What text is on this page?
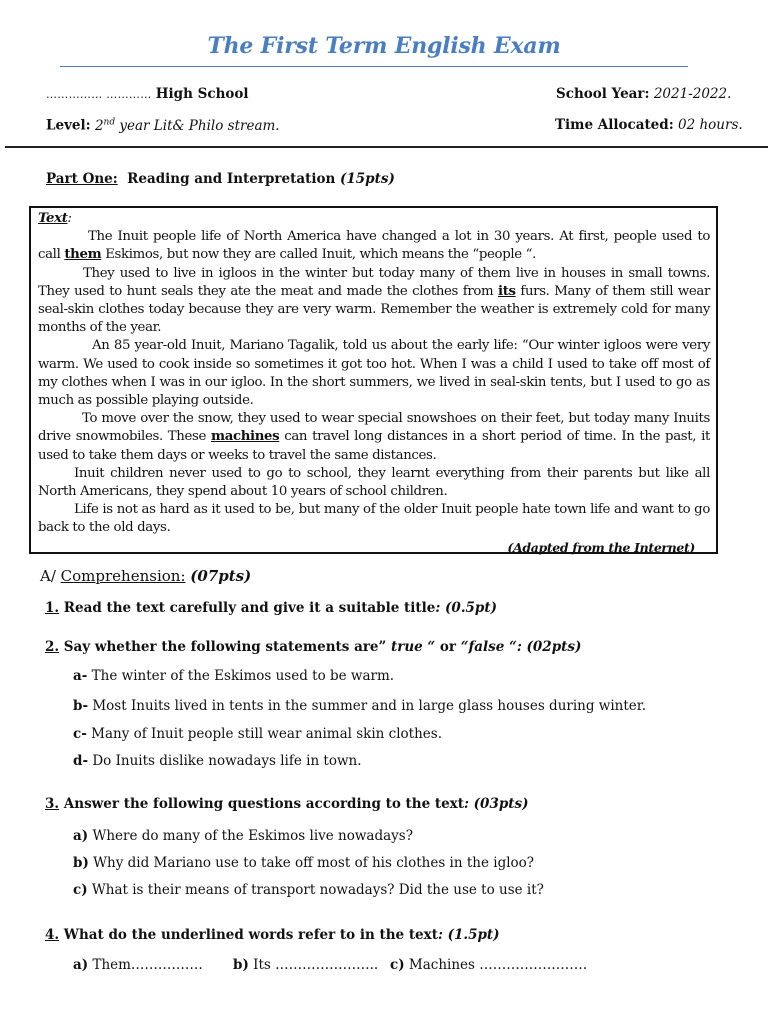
The First Term English Exam
…………… ………… High School	School Year: 2021-2022.
Level: 2nd year Lit& Philo stream.	Time Allocated: 02 hours.
Part One: Reading and Interpretation (15pts)

Text:

The Inuit people life of North America have changed a lot in 30 years. At first, people used to call them Eskimos, but now they are called Inuit, which means the “people “.

They used to live in igloos in the winter but today many of them live in houses in small towns. They used to hunt seals they ate the meat and made the clothes from its furs. Many of them still wear seal-skin clothes today because they are very warm. Remember the weather is extremely cold for many months of the year.

An 85 year-old Inuit, Mariano Tagalik, told us about the early life: “Our winter igloos were very warm. We used to cook inside so sometimes it got too hot. When I was a child I used to take off most of my clothes when I was in our igloo. In the short summers, we lived in seal-skin tents, but I used to go as much as possible playing outside.

To move over the snow, they used to wear special snowshoes on their feet, but today many Inuits drive snowmobiles. These machines can travel long distances in a short period of time. In the past, it used to take them days or weeks to travel the same distances.

Inuit children never used to go to school, they learnt everything from their parents but like all North Americans, they spend about 10 years of school children.

Life is not as hard as it used to be, but many of the older Inuit people hate town life and want to go back to the old days.

(Adapted from the Internet)

A/ Comprehension: (07pts)
1. Read the text carefully and give it a suitable title: (0.5pt)
2. Say whether the following statements are” true “ or “false “: (02pts)
a- The winter of the Eskimos used to be warm.
b- Most Inuits lived in tents in the summer and in large glass houses during winter.
c- Many of Inuit people still wear animal skin clothes.
d- Do Inuits dislike nowadays life in town.
3. Answer the following questions according to the text: (03pts)
a) Where do many of the Eskimos live nowadays?
b) Why did Mariano use to take off most of his clothes in the igloo?
c) What is their means of transport nowadays? Did the use to use it?
4. What do the underlined words refer to in the text: (1.5pt)
a) Them……………. b) Its ………………….. c) Machines ……………………
